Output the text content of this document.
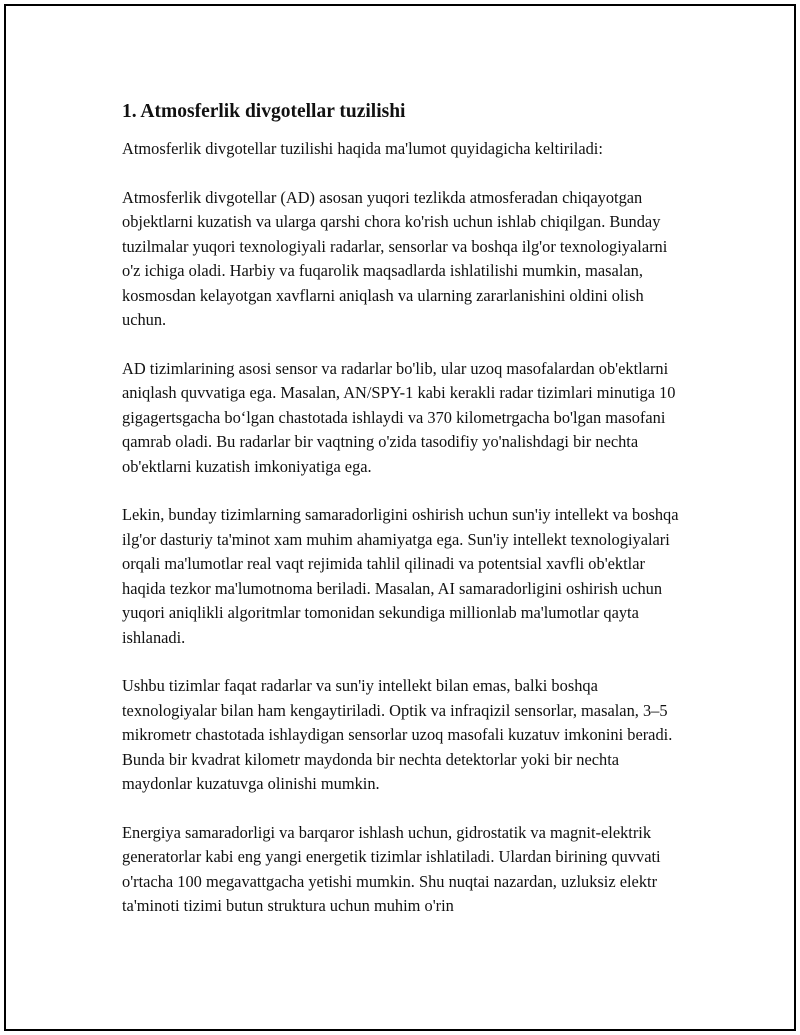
1. Atmosferlik divgotellar tuzilishi

Atmosferlik divgotellar tuzilishi haqida ma'lumot quyidagicha keltiriladi:

Atmosferlik divgotellar (AD) asosan yuqori tezlikda atmosferadan chiqayotgan objektlarni kuzatish va ularga qarshi chora ko'rish uchun ishlab chiqilgan. Bunday tuzilmalar yuqori texnologiyali radarlar, sensorlar va boshqa ilg'or texnologiyalarni o'z ichiga oladi. Harbiy va fuqarolik maqsadlarda ishlatilishi mumkin, masalan, kosmosdan kelayotgan xavflarni aniqlash va ularning zararlanishini oldini olish uchun.

AD tizimlarining asosi sensor va radarlar bo'lib, ular uzoq masofalardan ob'ektlarni aniqlash quvvatiga ega. Masalan, AN/SPY-1 kabi kerakli radar tizimlari minutiga 10 gigagertsgacha bo‘lgan chastotada ishlaydi va 370 kilometrgacha bo'lgan masofani qamrab oladi. Bu radarlar bir vaqtning o'zida tasodifiy yo'nalishdagi bir nechta ob'ektlarni kuzatish imkoniyatiga ega.

Lekin, bunday tizimlarning samaradorligini oshirish uchun sun'iy intellekt va boshqa ilg'or dasturiy ta'minot xam muhim ahamiyatga ega. Sun'iy intellekt texnologiyalari orqali ma'lumotlar real vaqt rejimida tahlil qilinadi va potentsial xavfli ob'ektlar haqida tezkor ma'lumotnoma beriladi. Masalan, AI samaradorligini oshirish uchun yuqori aniqlikli algoritmlar tomonidan sekundiga millionlab ma'lumotlar qayta ishlanadi.

Ushbu tizimlar faqat radarlar va sun'iy intellekt bilan emas, balki boshqa texnologiyalar bilan ham kengaytiriladi. Optik va infraqizil sensorlar, masalan, 3–5 mikrometr chastotada ishlaydigan sensorlar uzoq masofali kuzatuv imkonini beradi. Bunda bir kvadrat kilometr maydonda bir nechta detektorlar yoki bir nechta maydonlar kuzatuvga olinishi mumkin.

Energiya samaradorligi va barqaror ishlash uchun, gidrostatik va magnit-elektrik generatorlar kabi eng yangi energetik tizimlar ishlatiladi. Ulardan birining quvvati o'rtacha 100 megavattgacha yetishi mumkin. Shu nuqtai nazardan, uzluksiz elektr ta'minoti tizimi butun struktura uchun muhim o'rin
